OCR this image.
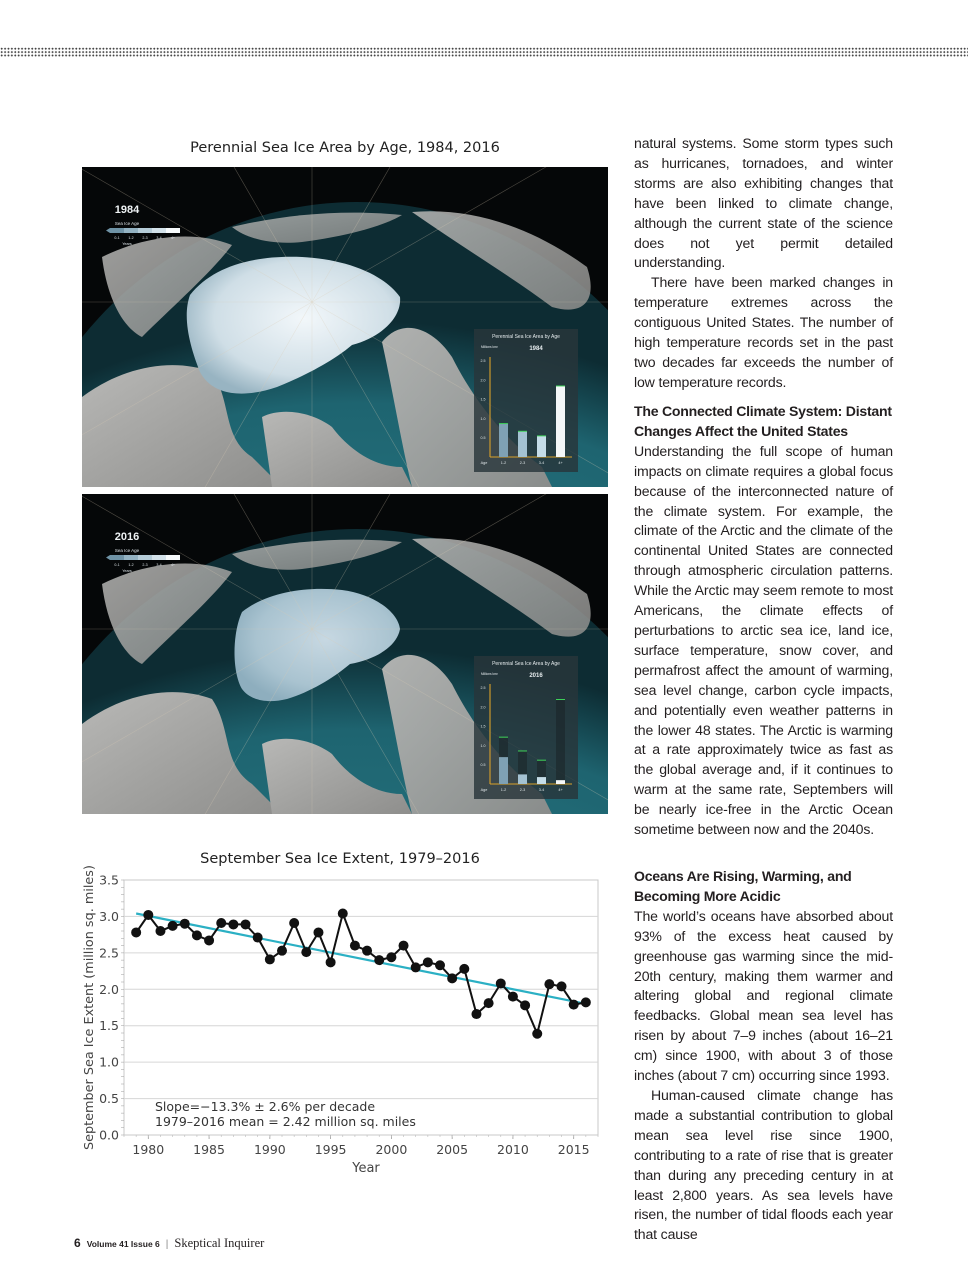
Perennial Sea Ice Area by Age, 1984, 2016
1984
Sea Ice Age
0-1 1-2 2-3 3-4	4+
Years
Perennial Sea Ice Area by Age
1984
Millions km²
2.5
2.0
1.5
1.0
0.5
1-2	2-3	3-4	4+
Age
2016
Sea Ice Age
0-1 1-2 2-3 3-4	4+
Years
Perennial Sea Ice Area by Age
2016
Millions km²
2.5
2.0
1.5
1.0
0.5
1-2	2-3	3-4	4+
Age
September Sea Ice Extent, 1979–2016
0.0
0.5
1.0
1.5
2.0
2.5
3.0
3.5
1980 1985 1990 1995 2000 2005 2010 2015
Year
September Sea Ice Extent (million sq. miles)	Slope=−13.3% ± 2.6% per decade
1979–2016 mean = 2.42 million sq. miles

natural systems. Some storm types such as hurricanes, tornadoes, and winter storms are also exhibiting changes that have been linked to climate change, although the current state of the science does not yet permit detailed understanding.

There have been marked changes in temperature extremes across the contiguous United States. The number of high temperature records set in the past two decades far exceeds the number of low temperature records.

The Connected Climate System: Distant Changes Affect the United States

Understanding the full scope of human impacts on climate requires a global focus because of the interconnected nature of the climate system. For example, the climate of the Arctic and the climate of the continental United States are connected through atmospheric circulation patterns. While the Arctic may seem remote to most Americans, the climate effects of perturbations to arctic sea ice, land ice, surface temperature, snow cover, and permafrost affect the amount of warming, sea level change, carbon cycle impacts, and potentially even weather patterns in the lower 48 states. The Arctic is warming at a rate approximately twice as fast as the global average and, if it continues to warm at the same rate, Septembers will be nearly ice-free in the Arctic Ocean sometime between now and the 2040s.

Oceans Are Rising, Warming, and Becoming More Acidic

The world’s oceans have absorbed about 93% of the excess heat caused by greenhouse gas warming since the mid-20th century, making them warmer and altering global and regional climate feedbacks. Global mean sea level has risen by about 7–9 inches (about 16–21 cm) since 1900, with about 3 of those inches (about 7 cm) occurring since 1993.

Human-caused climate change has made a substantial contribution to global mean sea level rise since 1900, contributing to a rate of rise that is greater than during any preceding century in at least 2,800 years. As sea levels have risen, the number of tidal floods each year that cause

6 Volume 41 Issue 6 | Skeptical Inquirer
